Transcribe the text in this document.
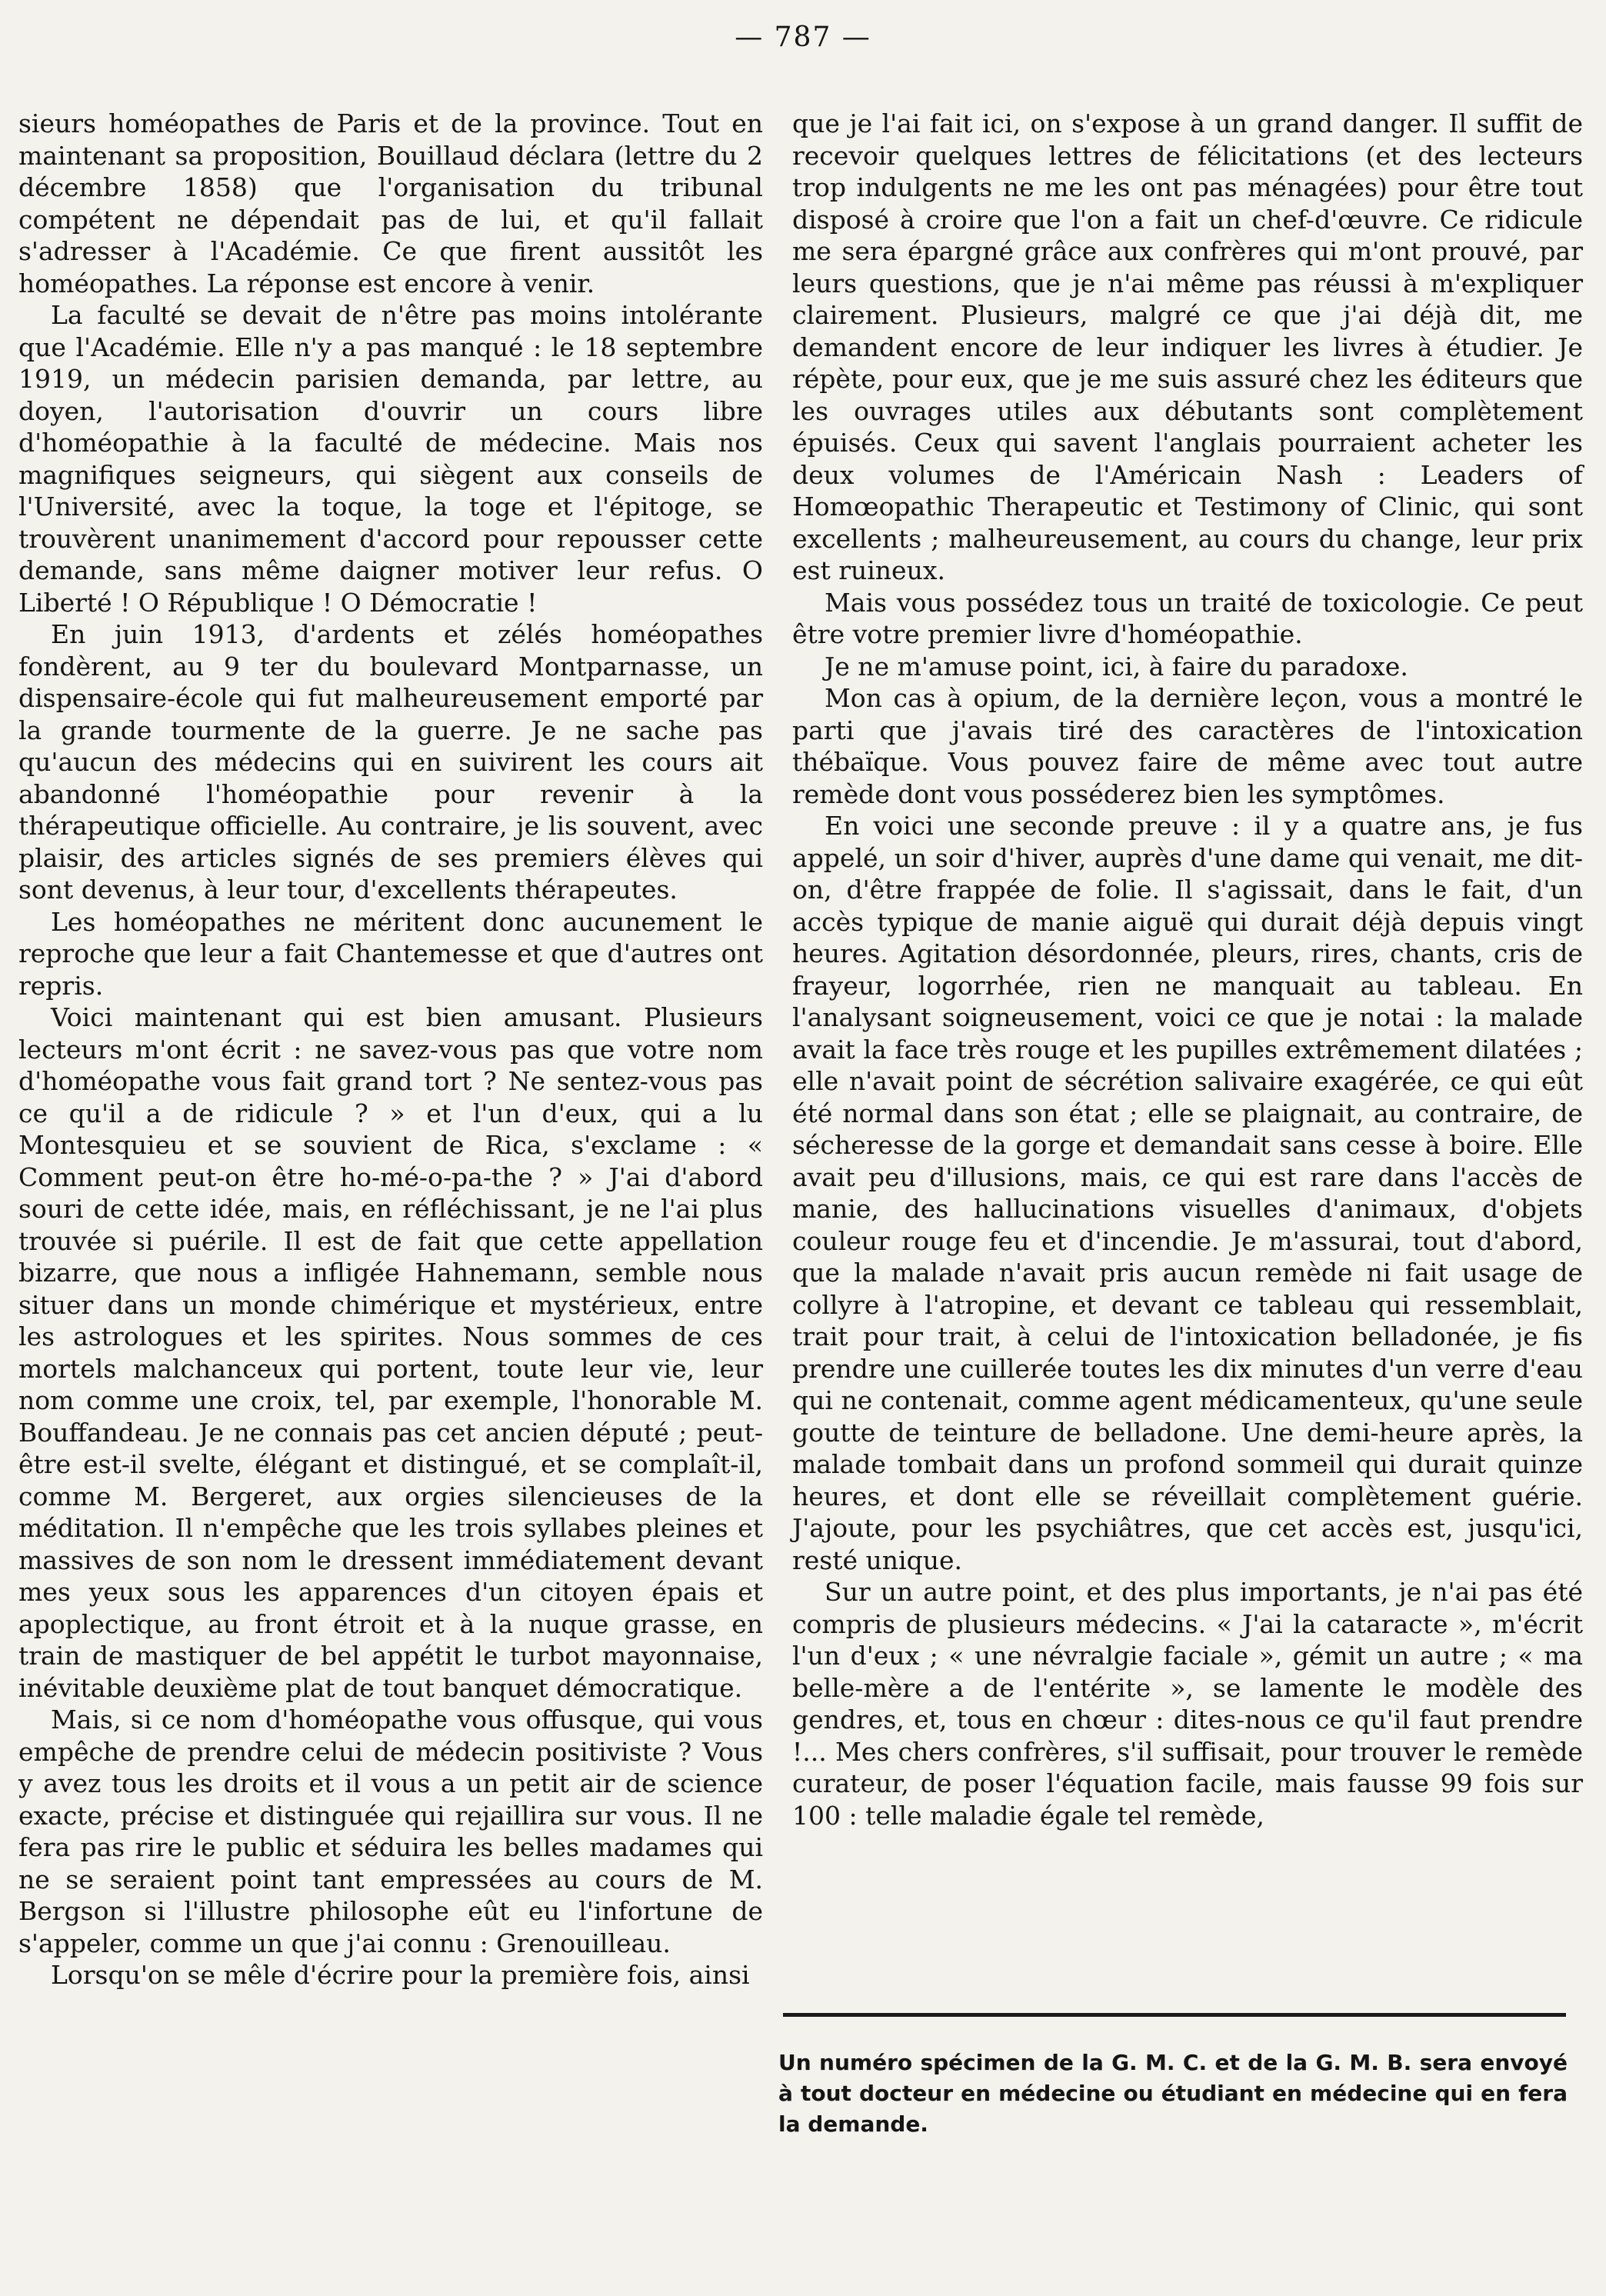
— 787 —

sieurs homéopathes de Paris et de la province. Tout en maintenant sa proposition, Bouillaud déclara (lettre du 2 décembre 1858) que l'organisation du tribunal compétent ne dépendait pas de lui, et qu'il fallait s'adresser à l'Académie. Ce que firent aussitôt les homéopathes. La réponse est encore à venir.

La faculté se devait de n'être pas moins intolérante que l'Académie. Elle n'y a pas manqué : le 18 septembre 1919, un médecin parisien demanda, par lettre, au doyen, l'autorisation d'ouvrir un cours libre d'homéopathie à la faculté de médecine. Mais nos magnifiques seigneurs, qui siègent aux conseils de l'Université, avec la toque, la toge et l'épitoge, se trouvèrent unanimement d'accord pour repousser cette demande, sans même daigner motiver leur refus. O Liberté ! O République ! O Démocratie !

En juin 1913, d'ardents et zélés homéopathes fondèrent, au 9 ter du boulevard Montparnasse, un dispensaire-école qui fut malheureusement emporté par la grande tourmente de la guerre. Je ne sache pas qu'aucun des médecins qui en suivirent les cours ait abandonné l'homéopathie pour revenir à la thérapeutique officielle. Au contraire, je lis souvent, avec plaisir, des articles signés de ses premiers élèves qui sont devenus, à leur tour, d'excellents thérapeutes.

Les homéopathes ne méritent donc aucunement le reproche que leur a fait Chantemesse et que d'autres ont repris.

Voici maintenant qui est bien amusant. Plusieurs lecteurs m'ont écrit : ne savez-vous pas que votre nom d'homéopathe vous fait grand tort ? Ne sentez-vous pas ce qu'il a de ridicule ? » et l'un d'eux, qui a lu Montesquieu et se souvient de Rica, s'exclame : « Comment peut-on être ho-mé-o-pa-the ? » J'ai d'abord souri de cette idée, mais, en réfléchissant, je ne l'ai plus trouvée si puérile. Il est de fait que cette appellation bizarre, que nous a infligée Hahnemann, semble nous situer dans un monde chimérique et mystérieux, entre les astrologues et les spirites. Nous sommes de ces mortels malchanceux qui portent, toute leur vie, leur nom comme une croix, tel, par exemple, l'honorable M. Bouffandeau. Je ne connais pas cet ancien député ; peut-être est-il svelte, élégant et distingué, et se complaît-il, comme M. Bergeret, aux orgies silencieuses de la méditation. Il n'empêche que les trois syllabes pleines et massives de son nom le dressent immédiatement devant mes yeux sous les apparences d'un citoyen épais et apoplectique, au front étroit et à la nuque grasse, en train de mastiquer de bel appétit le turbot mayonnaise, inévitable deuxième plat de tout banquet démocratique.

Mais, si ce nom d'homéopathe vous offusque, qui vous empêche de prendre celui de médecin positiviste ? Vous y avez tous les droits et il vous a un petit air de science exacte, précise et distinguée qui rejaillira sur vous. Il ne fera pas rire le public et séduira les belles madames qui ne se seraient point tant empressées au cours de M. Bergson si l'illustre philosophe eût eu l'infortune de s'appeler, comme un que j'ai connu : Grenouilleau.

Lorsqu'on se mêle d'écrire pour la première fois, ainsi

que je l'ai fait ici, on s'expose à un grand danger. Il suffit de recevoir quelques lettres de félicitations (et des lecteurs trop indulgents ne me les ont pas ménagées) pour être tout disposé à croire que l'on a fait un chef-d'œuvre. Ce ridicule me sera épargné grâce aux confrères qui m'ont prouvé, par leurs questions, que je n'ai même pas réussi à m'expliquer clairement. Plusieurs, malgré ce que j'ai déjà dit, me demandent encore de leur indiquer les livres à étudier. Je répète, pour eux, que je me suis assuré chez les éditeurs que les ouvrages utiles aux débutants sont complètement épuisés. Ceux qui savent l'anglais pourraient acheter les deux volumes de l'Américain Nash : Leaders of Homœopathic Therapeutic et Testimony of Clinic, qui sont excellents ; malheureusement, au cours du change, leur prix est ruineux.

Mais vous possédez tous un traité de toxicologie. Ce peut être votre premier livre d'homéopathie.

Je ne m'amuse point, ici, à faire du paradoxe.

Mon cas à opium, de la dernière leçon, vous a montré le parti que j'avais tiré des caractères de l'intoxication thébaïque. Vous pouvez faire de même avec tout autre remède dont vous posséderez bien les symptômes.

En voici une seconde preuve : il y a quatre ans, je fus appelé, un soir d'hiver, auprès d'une dame qui venait, me dit-on, d'être frappée de folie. Il s'agissait, dans le fait, d'un accès typique de manie aiguë qui durait déjà depuis vingt heures. Agitation désordonnée, pleurs, rires, chants, cris de frayeur, logorrhée, rien ne manquait au tableau. En l'analysant soigneusement, voici ce que je notai : la malade avait la face très rouge et les pupilles extrêmement dilatées ; elle n'avait point de sécrétion salivaire exagérée, ce qui eût été normal dans son état ; elle se plaignait, au contraire, de sécheresse de la gorge et demandait sans cesse à boire. Elle avait peu d'illusions, mais, ce qui est rare dans l'accès de manie, des hallucinations visuelles d'animaux, d'objets couleur rouge feu et d'incendie. Je m'assurai, tout d'abord, que la malade n'avait pris aucun remède ni fait usage de collyre à l'atropine, et devant ce tableau qui ressemblait, trait pour trait, à celui de l'intoxication belladonée, je fis prendre une cuillerée toutes les dix minutes d'un verre d'eau qui ne contenait, comme agent médicamenteux, qu'une seule goutte de teinture de belladone. Une demi-heure après, la malade tombait dans un profond sommeil qui durait quinze heures, et dont elle se réveillait complètement guérie. J'ajoute, pour les psychiâtres, que cet accès est, jusqu'ici, resté unique.

Sur un autre point, et des plus importants, je n'ai pas été compris de plusieurs médecins. « J'ai la cataracte », m'écrit l'un d'eux ; « une névralgie faciale », gémit un autre ; « ma belle-mère a de l'entérite », se lamente le modèle des gendres, et, tous en chœur : dites-nous ce qu'il faut prendre !... Mes chers confrères, s'il suffisait, pour trouver le remède curateur, de poser l'équation facile, mais fausse 99 fois sur 100 : telle maladie égale tel remède,

Un numéro spécimen de la G. M. C. et de la G. M. B. sera envoyé à tout docteur en médecine ou étudiant en médecine qui en fera la demande.
